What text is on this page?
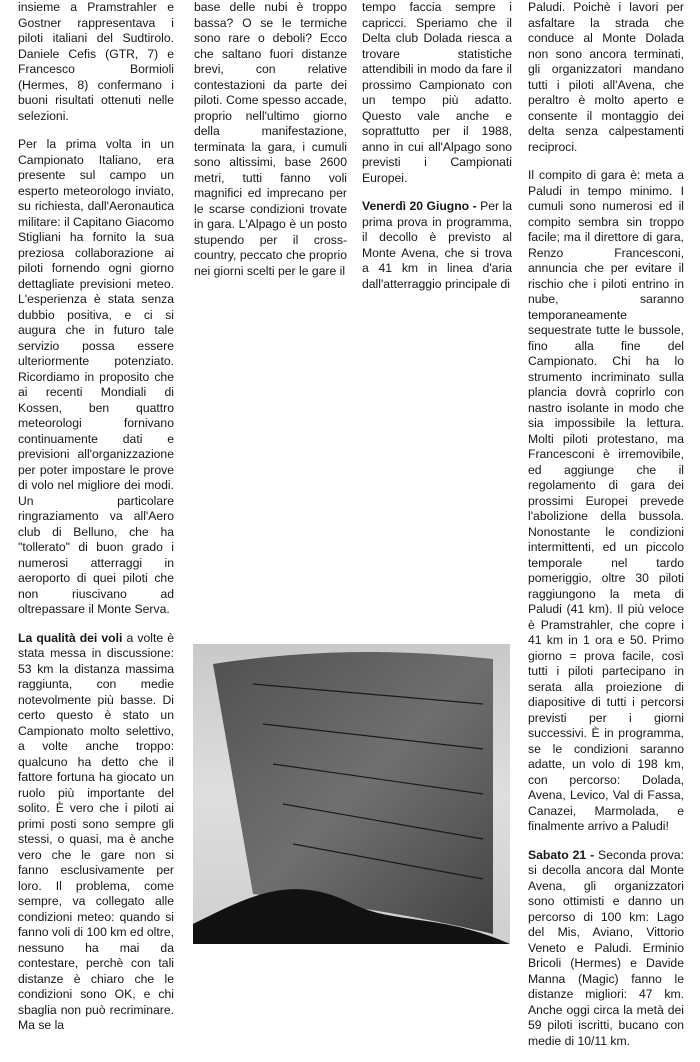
insieme a Pramstrahler e Gostner rappresentava i piloti italiani del Sudtirolo. Daniele Cefis (GTR, 7) e Francesco Bormioli (Hermes, 8) confermano i buoni risultati ottenuti nelle selezioni.

Per la prima volta in un Campionato Italiano, era presente sul campo un esperto meteorologo inviato, su richiesta, dall'Aeronautica militare: il Capitano Giacomo Stigliani ha fornito la sua preziosa collaborazione ai piloti fornendo ogni giorno dettagliate previsioni meteo. L'esperienza è stata senza dubbio positiva, e ci si augura che in futuro tale servizio possa essere ulteriormente potenziato. Ricordiamo in proposito che ai recenti Mondiali di Kossen, ben quattro meteorologi fornivano continuamente dati e previsioni all'organizzazione per poter impostare le prove di volo nel migliore dei modi. Un particolare ringraziamento va all'Aero club di Belluno, che ha "tollerato" di buon grado i numerosi atterraggi in aeroporto di quei piloti che non riuscivano ad oltrepassare il Monte Serva.

La qualità dei voli a volte è stata messa in discussione: 53 km la distanza massima raggiunta, con medie notevolmente più basse. Di certo questo è stato un Campionato molto selettivo, a volte anche troppo: qualcuno ha detto che il fattore fortuna ha giocato un ruolo più importante del solito. È vero che i piloti ai primi posti sono sempre gli stessi, o quasi, ma è anche vero che le gare non si fanno esclusivamente per loro. Il problema, come sempre, va collegato alle condizioni meteo: quando si fanno voli di 100 km ed oltre, nessuno ha mai da contestare, perchè con tali distanze è chiaro che le condizioni sono OK, e chi sbaglia non può recriminare. Ma se la

base delle nubi è troppo bassa? O se le termiche sono rare o deboli? Ecco che saltano fuori distanze brevi, con relative contestazioni da parte dei piloti. Come spesso accade, proprio nell'ultimo giorno della manifestazione, terminata la gara, i cumuli sono altissimi, base 2600 metri, tutti fanno voli magnifici ed imprecano per le scarse condizioni trovate in gara. L'Alpago è un posto stupendo per il cross-country, peccato che proprio nei giorni scelti per le gare il

tempo faccia sempre i capricci. Speriamo che il Delta club Dolada riesca a trovare statistiche attendibili in modo da fare il prossimo Campionato con un tempo più adatto. Questo vale anche e soprattutto per il 1988, anno in cui all'Alpago sono previsti i Campionati Europei.

Venerdì 20 Giugno - Per la prima prova in programma, il decollo è previsto al Monte Avena, che si trova a 41 km in linea d'aria dall'atterraggio principale di

Paludi. Poichè i lavori per asfaltare la strada che conduce al Monte Dolada non sono ancora terminati, gli organizzatori mandano tutti i piloti all'Avena, che peraltro è molto aperto e consente il montaggio dei delta senza calpestamenti reciproci.

Il compito di gara è: meta a Paludi in tempo minimo. I cumuli sono numerosi ed il compito sembra sin troppo facile; ma il direttore di gara, Renzo Francesconi, annuncia che per evitare il rischio che i piloti entrino in nube, saranno temporaneamente sequestrate tutte le bussole, fino alla fine del Campionato. Chi ha lo strumento incriminato sulla plancia dovrà coprirlo con nastro isolante in modo che sia impossibile la lettura. Molti piloti protestano, ma Francesconi è irremovibile, ed aggiunge che il regolamento di gara dei prossimi Europei prevede l'abolizione della bussola. Nonostante le condizioni intermittenti, ed un piccolo temporale nel tardo pomeriggio, oltre 30 piloti raggiungono la meta di Paludi (41 km). Il più veloce è Pramstrahler, che copre i 41 km in 1 ora e 50. Primo giorno = prova facile, così tutti i piloti partecipano in serata alla proiezione di diapositive di tutti i percorsi previsti per i giorni successivi. È in programma, se le condizioni saranno adatte, un volo di 198 km, con percorso: Dolada, Avena, Levico, Val di Fassa, Canazei, Marmolada, e finalmente arrivo a Paludi!

Sabato 21 - Seconda prova: si decolla ancora dal Monte Avena, gli organizzatori sono ottimisti e danno un percorso di 100 km: Lago del Mis, Aviano, Vittorio Veneto e Paludi. Erminio Bricoli (Hermes) e Davide Manna (Magic) fanno le distanze migliori: 47 km. Anche oggi circa la metà dei 59 piloti iscritti, bucano con medie di 10/11 km.
